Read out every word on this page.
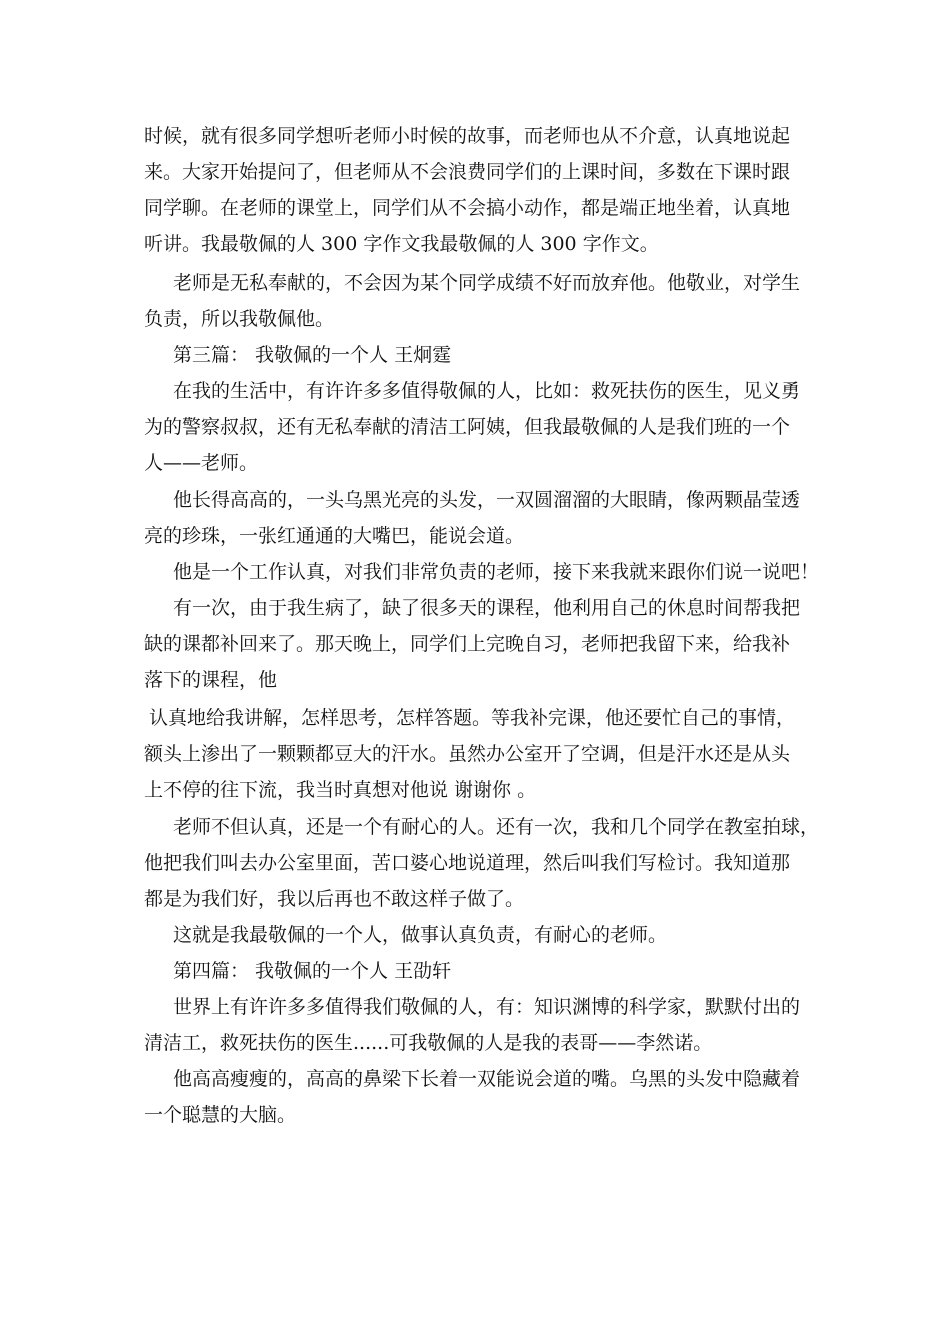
时候，就有很多同学想听老师小时候的故事，而老师也从不介意，认真地说起
来。大家开始提问了，但老师从不会浪费同学们的上课时间，多数在下课时跟
同学聊。在老师的课堂上，同学们从不会搞小动作，都是端正地坐着，认真地
听讲。我最敬佩的人 300 字作文我最敬佩的人 300 字作文。
老师是无私奉献的，不会因为某个同学成绩不好而放弃他。他敬业，对学生
负责，所以我敬佩他。
第三篇： 我敬佩的一个人 王炯霆
在我的生活中，有许许多多值得敬佩的人，比如：救死扶伤的医生，见义勇
为的警察叔叔，还有无私奉献的清洁工阿姨，但我最敬佩的人是我们班的一个
人——老师。
他长得高高的，一头乌黑光亮的头发，一双圆溜溜的大眼睛，像两颗晶莹透
亮的珍珠，一张红通通的大嘴巴，能说会道。
他是一个工作认真，对我们非常负责的老师，接下来我就来跟你们说一说吧！
有一次，由于我生病了，缺了很多天的课程，他利用自己的休息时间帮我把
缺的课都补回来了。那天晚上，同学们上完晚自习，老师把我留下来，给我补
落下的课程，他
认真地给我讲解，怎样思考，怎样答题。等我补完课，他还要忙自己的事情，
额头上渗出了一颗颗都豆大的汗水。虽然办公室开了空调，但是汗水还是从头
上不停的往下流，我当时真想对他说 谢谢你 。
老师不但认真，还是一个有耐心的人。还有一次，我和几个同学在教室拍球，
他把我们叫去办公室里面，苦口婆心地说道理，然后叫我们写检讨。我知道那
都是为我们好，我以后再也不敢这样子做了。
这就是我最敬佩的一个人，做事认真负责，有耐心的老师。
第四篇： 我敬佩的一个人 王劭轩
世界上有许许多多值得我们敬佩的人，有：知识渊博的科学家，默默付出的
清洁工，救死扶伤的医生......可我敬佩的人是我的表哥——李然诺。
他高高瘦瘦的，高高的鼻梁下长着一双能说会道的嘴。乌黑的头发中隐藏着
一个聪慧的大脑。
